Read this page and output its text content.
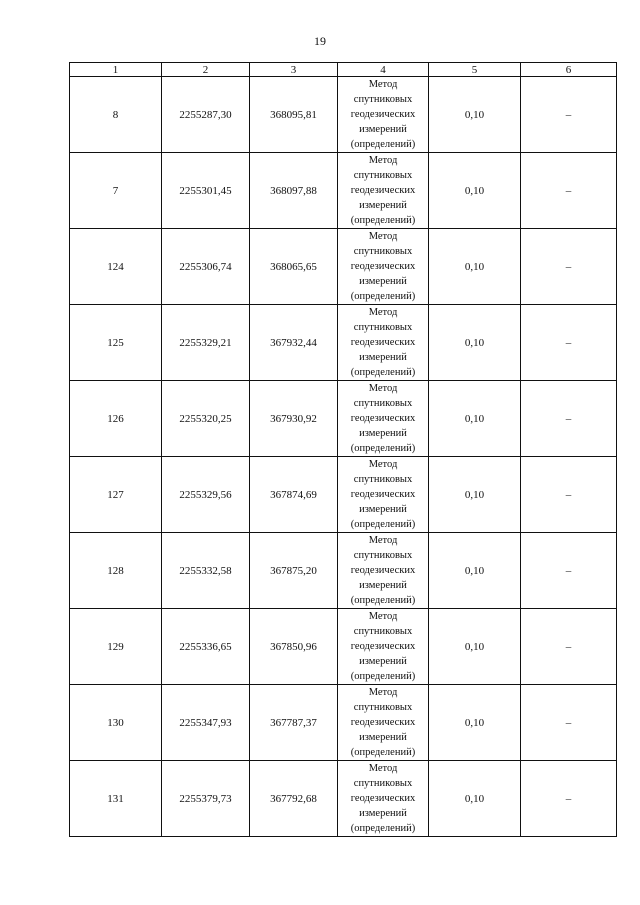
19
1	2	3	4	5	6
8	2255287,30	368095,81	Метод
спутниковых
геодезических
измерений
(определений)	0,10	–
7	2255301,45	368097,88	Метод
спутниковых
геодезических
измерений
(определений)	0,10	–
124	2255306,74	368065,65	Метод
спутниковых
геодезических
измерений
(определений)	0,10	–
125	2255329,21	367932,44	Метод
спутниковых
геодезических
измерений
(определений)	0,10	–
126	2255320,25	367930,92	Метод
спутниковых
геодезических
измерений
(определений)	0,10	–
127	2255329,56	367874,69	Метод
спутниковых
геодезических
измерений
(определений)	0,10	–
128	2255332,58	367875,20	Метод
спутниковых
геодезических
измерений
(определений)	0,10	–
129	2255336,65	367850,96	Метод
спутниковых
геодезических
измерений
(определений)	0,10	–
130	2255347,93	367787,37	Метод
спутниковых
геодезических
измерений
(определений)	0,10	–
131	2255379,73	367792,68	Метод
спутниковых
геодезических
измерений
(определений)	0,10	–
